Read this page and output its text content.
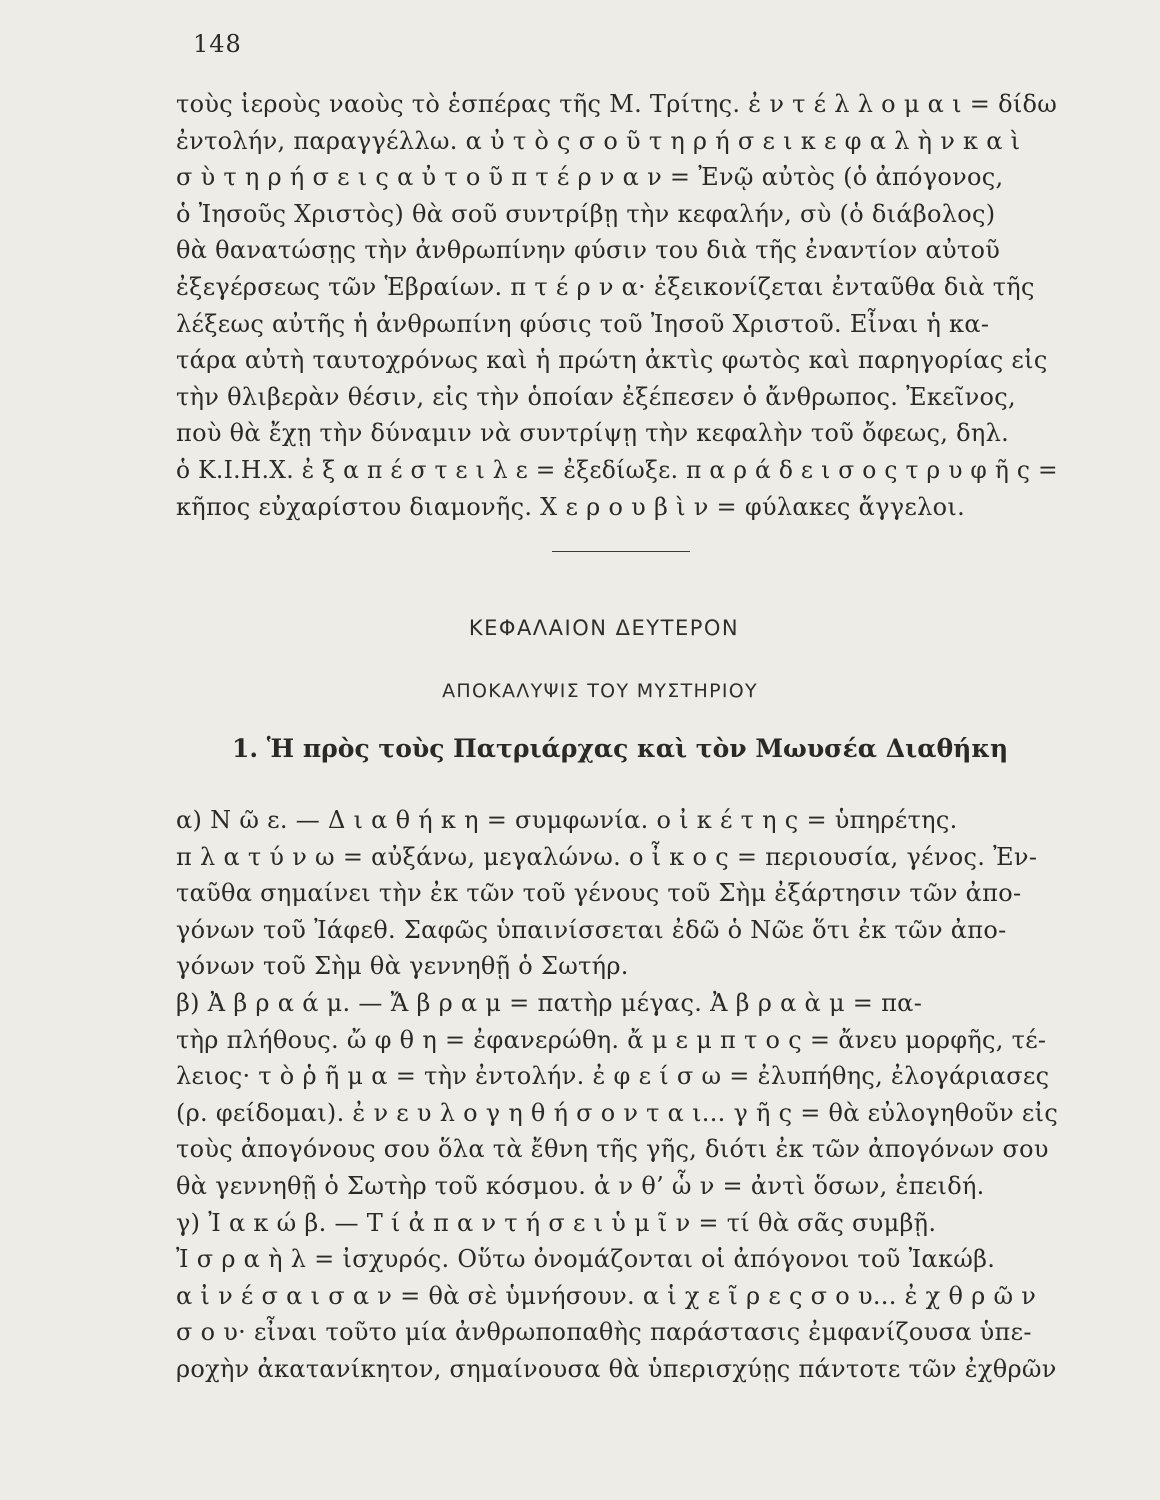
148
τοὺς ἱεροὺς ναοὺς τὸ ἑσπέρας τῆς Μ. Τρίτης. ἐ ν τ έ λ λ ο μ α ι = δίδω
ἐντολήν, παραγγέλλω. α ὐ τ ὸ ς σ ο ῦ τ η ρ ή σ ε ι κ ε φ α λ ὴ ν κ α ὶ
σ ὺ τ η ρ ή σ ε ι ς α ὐ τ ο ῦ π τ έ ρ ν α ν = Ἐνῷ αὐτὸς (ὁ ἀπόγονος,
ὁ Ἰησοῦς Χριστὸς) θὰ σοῦ συντρίβῃ τὴν κεφαλήν, σὺ (ὁ διάβολος)
θὰ θανατώσῃς τὴν ἀνθρωπίνην φύσιν του διὰ τῆς ἐναντίον αὐτοῦ
ἐξεγέρσεως τῶν Ἑβραίων. π τ έ ρ ν α· ἐξεικονίζεται ἐνταῦθα διὰ τῆς
λέξεως αὐτῆς ἡ ἀνθρωπίνη φύσις τοῦ Ἰησοῦ Χριστοῦ. Εἶναι ἡ κα-
τάρα αὐτὴ ταυτοχρόνως καὶ ἡ πρώτη ἀκτὶς φωτὸς καὶ παρηγορίας εἰς
τὴν θλιβερὰν θέσιν, εἰς τὴν ὁποίαν ἐξέπεσεν ὁ ἄνθρωπος. Ἐκεῖνος,
ποὺ θὰ ἔχῃ τὴν δύναμιν νὰ συντρίψῃ τὴν κεφαλὴν τοῦ ὄφεως, δηλ.
ὁ Κ.Ι.Η.Χ. ἐ ξ α π έ σ τ ε ι λ ε = ἐξεδίωξε. π α ρ ά δ ε ι σ ο ς τ ρ υ φ ῆ ς =
κῆπος εὐχαρίστου διαμονῆς. Χ ε ρ ο υ β ὶ ν = φύλακες ἄγγελοι.
ΚΕΦΑΛΑΙΟΝ ΔΕΥΤΕΡΟΝ
ΑΠΟΚΑΛΥΨΙΣ ΤΟΥ ΜΥΣΤΗΡΙΟΥ
1. Ἡ πρὸς τοὺς Πατριάρχας καὶ τὸν Μωυσέα Διαθήκη
α) Ν ῶ ε. — Δ ι α θ ή κ η = συμφωνία. ο ἰ κ έ τ η ς = ὑπηρέτης.
π λ α τ ύ ν ω = αὐξάνω, μεγαλώνω. ο ἶ κ ο ς = περιουσία, γένος. Ἐν-
ταῦθα σημαίνει τὴν ἐκ τῶν τοῦ γένους τοῦ Σὴμ ἐξάρτησιν τῶν ἀπο-
γόνων τοῦ Ἰάφεθ. Σαφῶς ὑπαινίσσεται ἐδῶ ὁ Νῶε ὅτι ἐκ τῶν ἀπο-
γόνων τοῦ Σὴμ θὰ γεννηθῇ ὁ Σωτήρ.
β) Ἀ β ρ α ά μ. — Ἄ β ρ α μ = πατὴρ μέγας. Ἀ β ρ α ὰ μ = πα-
τὴρ πλήθους. ὤ φ θ η = ἐφανερώθη. ἄ μ ε μ π τ ο ς = ἄνευ μορφῆς, τέ-
λειος· τ ὸ ῥ ῆ μ α = τὴν ἐντολήν. ἐ φ ε ί σ ω = ἐλυπήθης, ἐλογάριασες
(ρ. φείδομαι). ἐ ν ε υ λ ο γ η θ ή σ ο ν τ α ι... γ ῆ ς = θὰ εὐλογηθοῦν εἰς
τοὺς ἀπογόνους σου ὅλα τὰ ἔθνη τῆς γῆς, διότι ἐκ τῶν ἀπογόνων σου
θὰ γεννηθῇ ὁ Σωτὴρ τοῦ κόσμου. ἀ ν θ’ ὧ ν = ἀντὶ ὅσων, ἐπειδή.
γ) Ἰ α κ ώ β. — Τ ί ἀ π α ν τ ή σ ε ι ὑ μ ῖ ν = τί θὰ σᾶς συμβῇ.
Ἰ σ ρ α ὴ λ = ἰσχυρός. Οὕτω ὀνομάζονται οἱ ἀπόγονοι τοῦ Ἰακώβ.
α ἰ ν έ σ α ι σ α ν = θὰ σὲ ὑμνήσουν. α ἱ χ ε ῖ ρ ε ς σ ο υ... ἐ χ θ ρ ῶ ν
σ ο υ· εἶναι τοῦτο μία ἀνθρωποπαθὴς παράστασις ἐμφανίζουσα ὑπε-
ροχὴν ἀκατανίκητον, σημαίνουσα θὰ ὑπερισχύῃς πάντοτε τῶν ἐχθρῶν
